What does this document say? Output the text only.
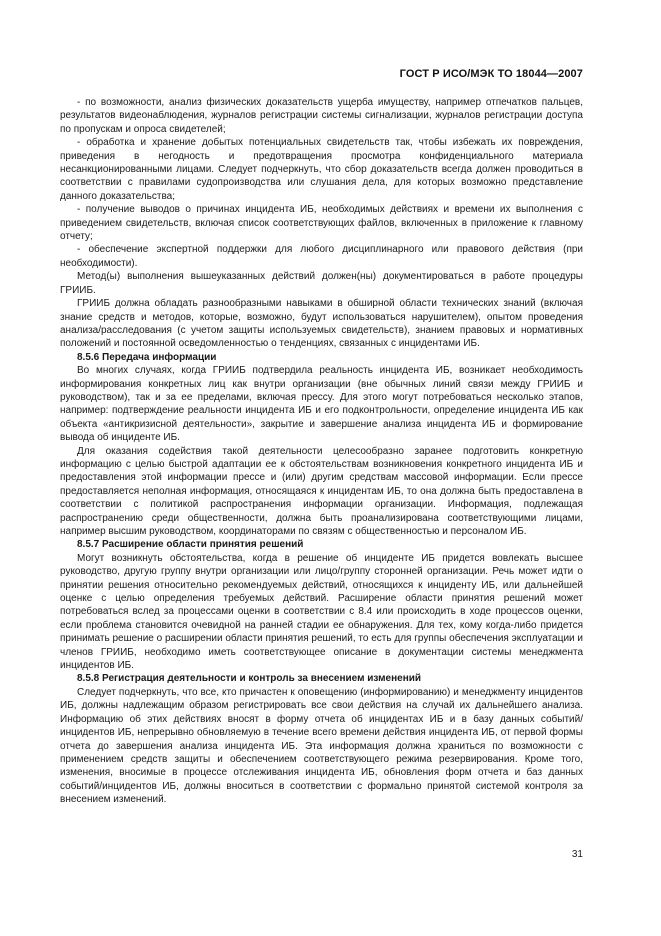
ГОСТ Р ИСО/МЭК ТО 18044—2007

- по возможности, анализ физических доказательств ущерба имуществу, например отпечатков пальцев, результатов видеонаблюдения, журналов регистрации системы сигнализации, журналов регистрации доступа по пропускам и опроса свидетелей;

- обработка и хранение добытых потенциальных свидетельств так, чтобы избежать их повреждения, приведения в негодность и предотвращения просмотра конфиденциального материала несанкционированными лицами. Следует подчеркнуть, что сбор доказательств всегда должен проводиться в соответствии с правилами судопроизводства или слушания дела, для которых возможно представление данного доказательства;

- получение выводов о причинах инцидента ИБ, необходимых действиях и времени их выполнения с приведением свидетельств, включая список соответствующих файлов, включенных в приложение к главному отчету;

- обеспечение экспертной поддержки для любого дисциплинарного или правового действия (при необходимости).

Метод(ы) выполнения вышеуказанных действий должен(ны) документироваться в работе процедуры ГРИИБ.

ГРИИБ должна обладать разнообразными навыками в обширной области технических знаний (включая знание средств и методов, которые, возможно, будут использоваться нарушителем), опытом проведения анализа/расследования (с учетом защиты используемых свидетельств), знанием правовых и нормативных положений и постоянной осведомленностью о тенденциях, связанных с инцидентами ИБ.

8.5.6 Передача информации

Во многих случаях, когда ГРИИБ подтвердила реальность инцидента ИБ, возникает необходимость информирования конкретных лиц как внутри организации (вне обычных линий связи между ГРИИБ и руководством), так и за ее пределами, включая прессу. Для этого могут потребоваться несколько этапов, например: подтверждение реальности инцидента ИБ и его подконтрольности, определение инцидента ИБ как объекта «антикризисной деятельности», закрытие и завершение анализа инцидента ИБ и формирование вывода об инциденте ИБ.

Для оказания содействия такой деятельности целесообразно заранее подготовить конкретную информацию с целью быстрой адаптации ее к обстоятельствам возникновения конкретного инцидента ИБ и предоставления этой информации прессе и (или) другим средствам массовой информации. Если прессе предоставляется неполная информация, относящаяся к инцидентам ИБ, то она должна быть предоставлена в соответствии с политикой распространения информации организации. Информация, подлежащая распространению среди общественности, должна быть проанализирована соответствующими лицами, например высшим руководством, координаторами по связям с общественностью и персоналом ИБ.

8.5.7 Расширение области принятия решений

Могут возникнуть обстоятельства, когда в решение об инциденте ИБ придется вовлекать высшее руководство, другую группу внутри организации или лицо/группу сторонней организации. Речь может идти о принятии решения относительно рекомендуемых действий, относящихся к инциденту ИБ, или дальнейшей оценке с целью определения требуемых действий. Расширение области принятия решений может потребоваться вслед за процессами оценки в соответствии с 8.4 или происходить в ходе процессов оценки, если проблема становится очевидной на ранней стадии ее обнаружения. Для тех, кому когда-либо придется принимать решение о расширении области принятия решений, то есть для группы обеспечения эксплуатации и членов ГРИИБ, необходимо иметь соответствующее описание в документации системы менеджмента инцидентов ИБ.

8.5.8 Регистрация деятельности и контроль за внесением изменений

Следует подчеркнуть, что все, кто причастен к оповещению (информированию) и менеджменту инцидентов ИБ, должны надлежащим образом регистрировать все свои действия на случай их дальнейшего анализа. Информацию об этих действиях вносят в форму отчета об инцидентах ИБ и в базу данных событий/инцидентов ИБ, непрерывно обновляемую в течение всего времени действия инцидента ИБ, от первой формы отчета до завершения анализа инцидента ИБ. Эта информация должна храниться по возможности с применением средств защиты и обеспечением соответствующего режима резервирования. Кроме того, изменения, вносимые в процессе отслеживания инцидента ИБ, обновления форм отчета и баз данных событий/инцидентов ИБ, должны вноситься в соответствии с формально принятой системой контроля за внесением изменений.

31
